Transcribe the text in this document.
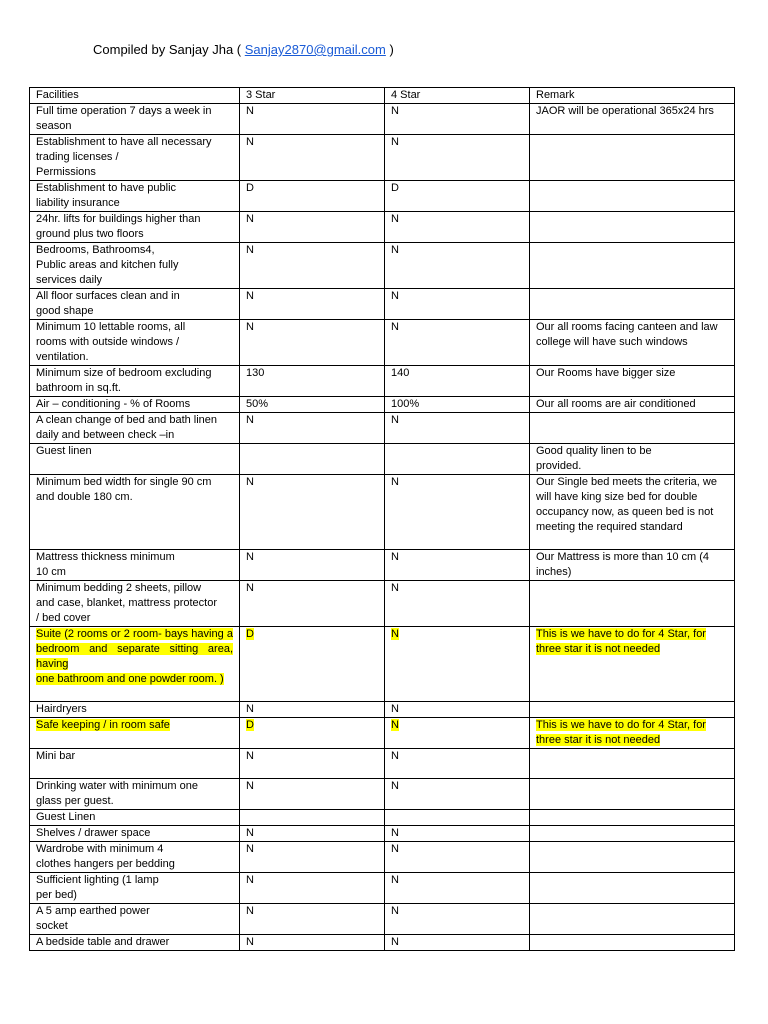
Compiled by Sanjay Jha ( Sanjay2870@gmail.com )
Facilities	3 Star	4 Star	Remark
Full time operation 7 days a week in season	N	N	JAOR will be operational 365x24 hrs
Establishment to have all necessary
trading licenses /
Permissions	N	N	
Establishment to have public
liability insurance	D	D	
24hr. lifts for buildings higher than
ground plus two floors	N	N	
Bedrooms, Bathrooms4,
Public areas and kitchen fully
services daily	N	N	
All floor surfaces clean and in
good shape	N	N	
Minimum 10 lettable rooms, all
rooms with outside windows /
ventilation.	N	N	Our all rooms facing canteen and law college will have such windows
Minimum size of bedroom excluding
bathroom in sq.ft.	130	140	Our Rooms have bigger size
Air – conditioning - % of Rooms	50%	100%	Our all rooms are air conditioned
A clean change of bed and bath linen
daily and between check –in	N	N	
Guest linen			Good quality linen to be
provided.
Minimum bed width for single 90 cm
and double 180 cm.	N	N	Our Single bed meets the criteria, we will have king size bed for double occupancy now, as queen bed is not meeting the required standard
Mattress thickness minimum
10 cm	N	N	Our Mattress is more than 10 cm (4 inches)
Minimum bedding 2 sheets, pillow
and case, blanket, mattress protector
/ bed cover	N	N	
Suite (2 rooms or 2 room- bays having a bedroom and separate sitting area, having
one bathroom and one powder room. )	D	N	This is we have to do for 4 Star, for three star it is not needed
Hairdryers	N	N	
Safe keeping / in room safe	D	N	This is we have to do for 4 Star, for three star it is not needed
Mini bar	N	N	
Drinking water with minimum one
glass per guest.	N	N	
Guest Linen			
Shelves / drawer space	N	N	
Wardrobe with minimum 4
clothes hangers per bedding	N	N	
Sufficient lighting (1 lamp
per bed)	N	N	
A 5 amp earthed power
socket	N	N	
A bedside table and drawer	N	N	
